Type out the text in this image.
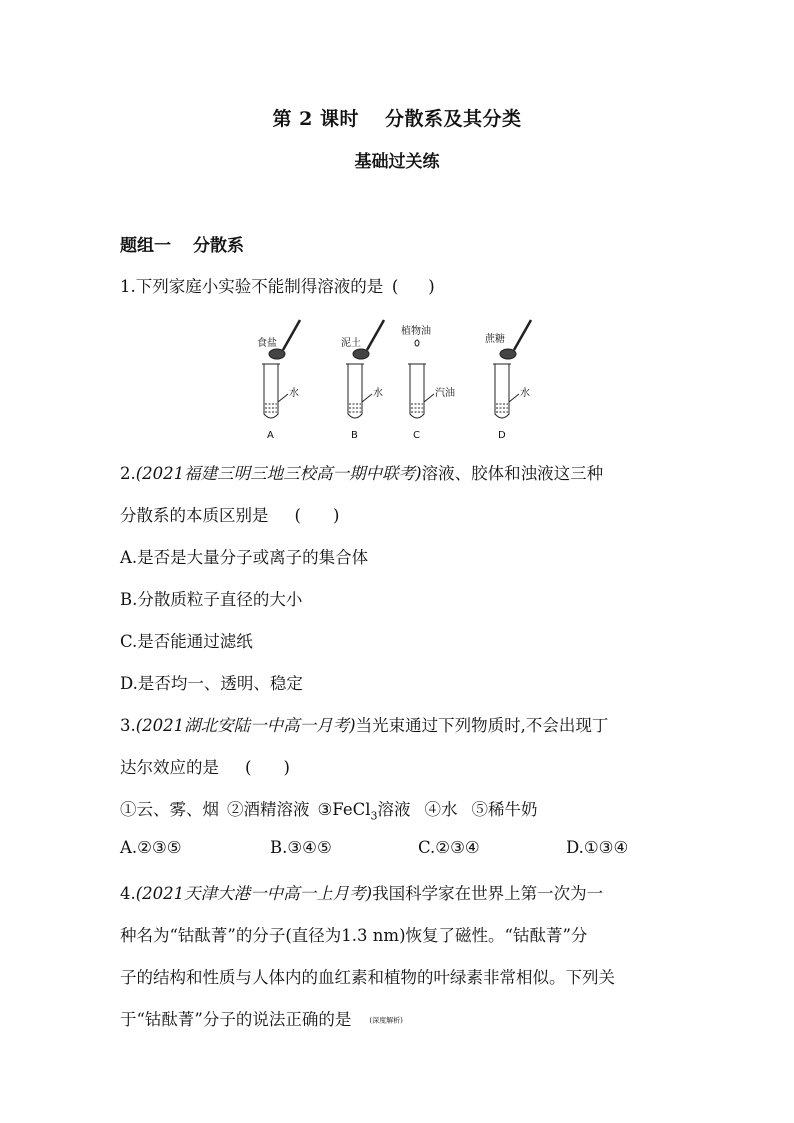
第 2 课时 分散系及其分类
基础过关练
题组一 分散系
1.下列家庭小实验不能制得溶液的是 ( )
食盐
水
A
泥土
水
B
植物油
汽油
C
蔗糖
水
D
2.(2021福建三明三地三校高一期中联考)溶液、胶体和浊液这三种
分散系的本质区别是 ( )
A.是否是大量分子或离子的集合体
B.分散质粒子直径的大小
C.是否能通过滤纸
D.是否均一、透明、稳定
3.(2021湖北安陆一中高一月考)当光束通过下列物质时,不会出现丁
达尔效应的是 ( )
①云、雾、烟 ②酒精溶液 ③FeCl$_3$溶液 ④水 ⑤稀牛奶
A.②③⑤	B.③④⑤	C.②③④	D.①③④
4.(2021天津大港一中高一上月考)我国科学家在世界上第一次为一
种名为“钴酞菁”的分子(直径为1.3 nm)恢复了磁性。“钴酞菁”分
子的结构和性质与人体内的血红素和植物的叶绿素非常相似。下列关
于“钴酞菁”分子的说法正确的是	(深度解析)
